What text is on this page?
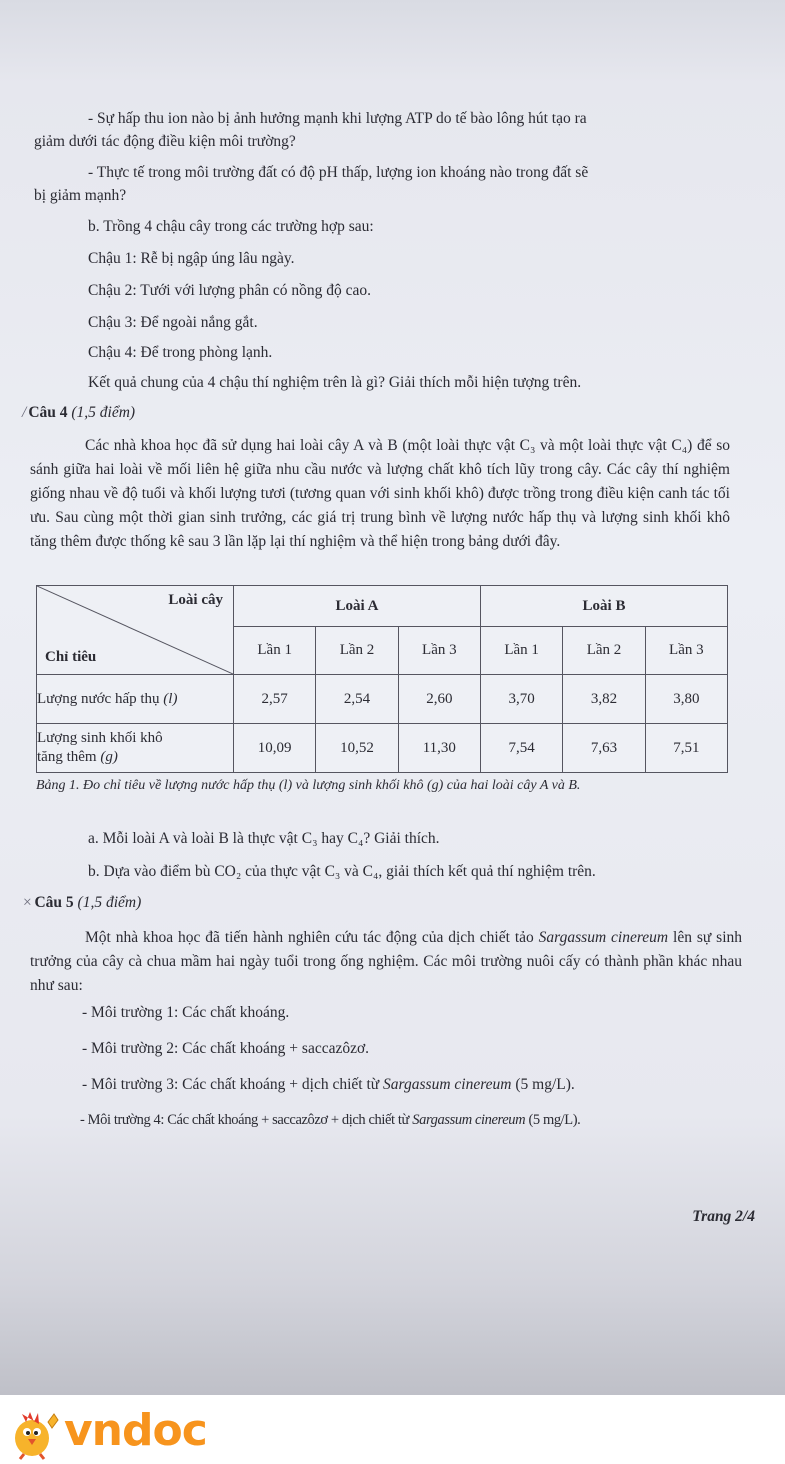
- Sự hấp thu ion nào bị ảnh hưởng mạnh khi lượng ATP do tế bào lông hút tạo ra

giảm dưới tác động điều kiện môi trường?

- Thực tế trong môi trường đất có độ pH thấp, lượng ion khoáng nào trong đất sẽ

bị giảm mạnh?

b. Trồng 4 chậu cây trong các trường hợp sau:

Chậu 1: Rễ bị ngập úng lâu ngày.

Chậu 2: Tưới với lượng phân có nồng độ cao.

Chậu 3: Để ngoài nắng gắt.

Chậu 4: Để trong phòng lạnh.

Kết quả chung của 4 chậu thí nghiệm trên là gì? Giải thích mỗi hiện tượng trên.

/ Câu 4 (1,5 điểm)

Các nhà khoa học đã sử dụng hai loài cây A và B (một loài thực vật C₃ và một loài thực vật C₄) để so sánh giữa hai loài về mối liên hệ giữa nhu cầu nước và lượng chất khô tích lũy trong cây. Các cây thí nghiệm giống nhau về độ tuổi và khối lượng tươi (tương quan với sinh khối khô) được trồng trong điều kiện canh tác tối ưu. Sau cùng một thời gian sinh trưởng, các giá trị trung bình về lượng nước hấp thụ và lượng sinh khối khô tăng thêm được thống kê sau 3 lần lặp lại thí nghiệm và thể hiện trong bảng dưới đây.

Loài cây
Chỉ tiêu	Loài A			Loài B		
	Lần 1	Lần 2	Lần 3	Lần 1	Lần 2	Lần 3
Lượng nước hấp thụ (l)	2,57	2,54	2,60	3,70	3,82	3,80
Lượng sinh khối khô
tăng thêm (g)	10,09	10,52	11,30	7,54	7,63	7,51
Bảng 1. Đo chỉ tiêu về lượng nước hấp thụ (l) và lượng sinh khối khô (g) của hai loài cây A và B.

a. Mỗi loài A và loài B là thực vật C₃ hay C₄? Giải thích.

b. Dựa vào điểm bù CO₂ của thực vật C₃ và C₄, giải thích kết quả thí nghiệm trên.

× Câu 5 (1,5 điểm)

Một nhà khoa học đã tiến hành nghiên cứu tác động của dịch chiết tảo Sargassum cinereum lên sự sinh trưởng của cây cà chua mầm hai ngày tuổi trong ống nghiệm. Các môi trường nuôi cấy có thành phần khác nhau như sau:

- Môi trường 1: Các chất khoáng.

- Môi trường 2: Các chất khoáng + saccazôzơ.

- Môi trường 3: Các chất khoáng + dịch chiết từ Sargassum cinereum (5 mg/L).

- Môi trường 4: Các chất khoáng + saccazôzơ + dịch chiết từ Sargassum cinereum (5 mg/L).

Trang 2/4
vndoc
